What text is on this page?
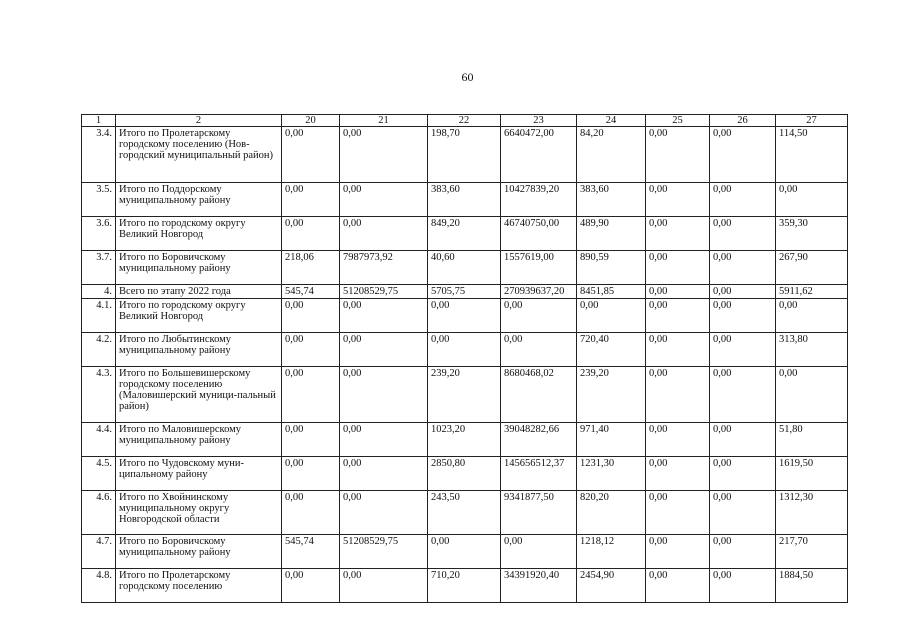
60
1	2	20	21	22	23	24	25	26	27
3.4.	Итого по Пролетарскому городскому поселению (Нов-городский муниципальный район)	0,00	0,00	198,70	6640472,00	84,20	0,00	0,00	114,50
3.5.	Итого по Поддорскому муниципальному району	0,00	0,00	383,60	10427839,20	383,60	0,00	0,00	0,00
3.6.	Итого по городскому округу Великий Новгород	0,00	0,00	849,20	46740750,00	489,90	0,00	0,00	359,30
3.7.	Итого по Боровичскому муниципальному району	218,06	7987973,92	40,60	1557619,00	890,59	0,00	0,00	267,90
4.	Всего по этапу 2022 года	545,74	51208529,75	5705,75	270939637,20	8451,85	0,00	0,00	5911,62
4.1.	Итого по городскому округу Великий Новгород	0,00	0,00	0,00	0,00	0,00	0,00	0,00	0,00
4.2.	Итого по Любытинскому муниципальному району	0,00	0,00	0,00	0,00	720,40	0,00	0,00	313,80
4.3.	Итого по Большевишерскому городскому поселению (Маловишерский муници-пальный район)	0,00	0,00	239,20	8680468,02	239,20	0,00	0,00	0,00
4.4.	Итого по Маловишерскому муниципальному району	0,00	0,00	1023,20	39048282,66	971,40	0,00	0,00	51,80
4.5.	Итого по Чудовскому муни-ципальному району	0,00	0,00	2850,80	145656512,37	1231,30	0,00	0,00	1619,50
4.6.	Итого по Хвойнинскому муниципальному округу Новгородской области	0,00	0,00	243,50	9341877,50	820,20	0,00	0,00	1312,30
4.7.	Итого по Боровичскому муниципальному району	545,74	51208529,75	0,00	0,00	1218,12	0,00	0,00	217,70
4.8.	Итого по Пролетарскому городскому поселению	0,00	0,00	710,20	34391920,40	2454,90	0,00	0,00	1884,50
